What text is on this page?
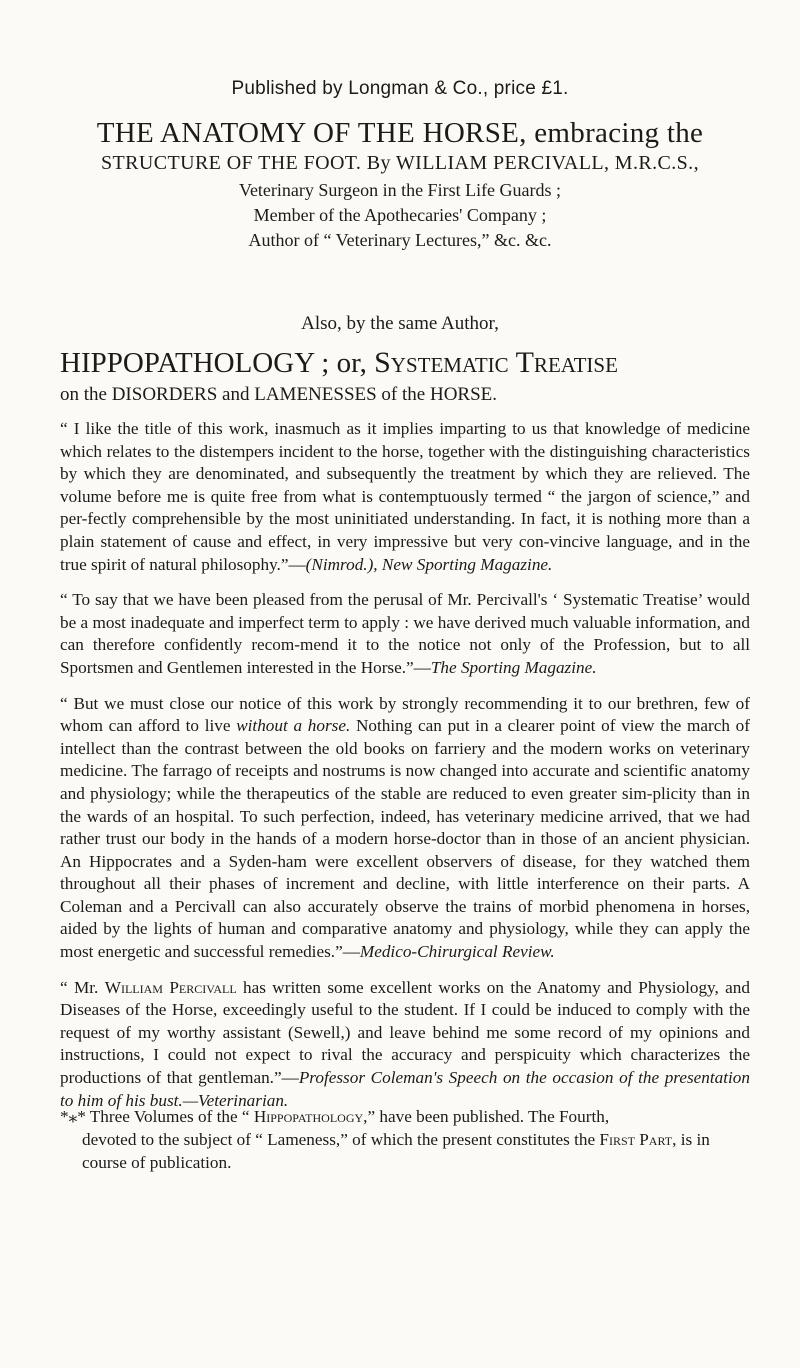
Published by Longman & Co., price £1.
THE ANATOMY OF THE HORSE, embracing the
STRUCTURE OF THE FOOT. By WILLIAM PERCIVALL, M.R.C.S.,
Veterinary Surgeon in the First Life Guards ;
Member of the Apothecaries' Company ;
Author of “ Veterinary Lectures,” &c. &c.
Also, by the same Author,
HIPPOPATHOLOGY ; or, Systematic Treatise
on the DISORDERS and LAMENESSES of the HORSE.

“ I like the title of this work, inasmuch as it implies imparting to us that knowledge of medicine which relates to the distempers incident to the horse, together with the distinguishing characteristics by which they are denominated, and subsequently the treatment by which they are relieved. The volume before me is quite free from what is contemptuously termed “ the jargon of science,” and per-fectly comprehensible by the most uninitiated understanding. In fact, it is nothing more than a plain statement of cause and effect, in very impressive but very con-vincive language, and in the true spirit of natural philosophy.”—(Nimrod.), New Sporting Magazine.

“ To say that we have been pleased from the perusal of Mr. Percivall's ‘ Systematic Treatise’ would be a most inadequate and imperfect term to apply : we have derived much valuable information, and can therefore confidently recom-mend it to the notice not only of the Profession, but to all Sportsmen and Gentlemen interested in the Horse.”—The Sporting Magazine.

“ But we must close our notice of this work by strongly recommending it to our brethren, few of whom can afford to live without a horse. Nothing can put in a clearer point of view the march of intellect than the contrast between the old books on farriery and the modern works on veterinary medicine. The farrago of receipts and nostrums is now changed into accurate and scientific anatomy and physiology; while the therapeutics of the stable are reduced to even greater sim-plicity than in the wards of an hospital. To such perfection, indeed, has veterinary medicine arrived, that we had rather trust our body in the hands of a modern horse-doctor than in those of an ancient physician. An Hippocrates and a Syden-ham were excellent observers of disease, for they watched them throughout all their phases of increment and decline, with little interference on their parts. A Coleman and a Percivall can also accurately observe the trains of morbid phenomena in horses, aided by the lights of human and comparative anatomy and physiology, while they can apply the most energetic and successful remedies.”—Medico-Chirurgical Review.

“ Mr. William Percivall has written some excellent works on the Anatomy and Physiology, and Diseases of the Horse, exceedingly useful to the student. If I could be induced to comply with the request of my worthy assistant (Sewell,) and leave behind me some record of my opinions and instructions, I could not expect to rival the accuracy and perspicuity which characterizes the productions of that gentleman.”—Professor Coleman's Speech on the occasion of the presentation to him of his bust.—Veterinarian.

*⁎* Three Volumes of the “ Hippopathology,” have been published. The Fourth,
devoted to the subject of “ Lameness,” of which the present constitutes the First Part, is in course of publication.
